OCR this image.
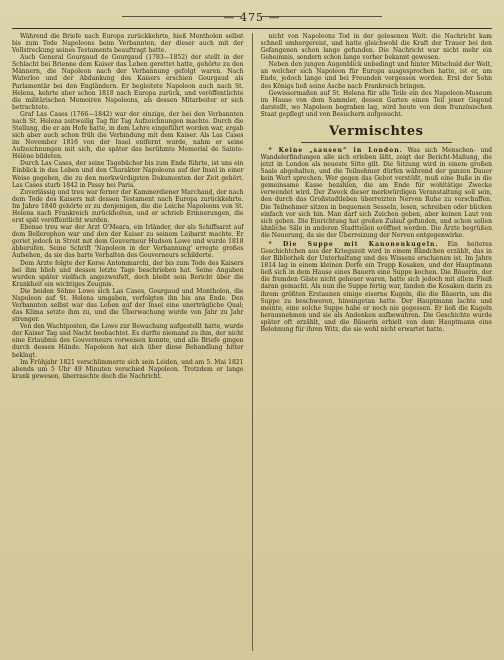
— 475 —

Während die Briefe nach Europa zurückkehrte, hieß Montholon selbst bis zum Tode Napoleons beim Verbannten, der dieser auch mit der Vollstreckung seines Testaments beauftragt hatte.

Auch General Gourgaud de Gourgaud (1783—1852) der stellt in der Schlacht bei Brienne dem Kaiser das Leben gerettet hatte, gehörte zu den Männern, die Napoleon nach der Verbannung gefolgt waren. Nach Waterloo und der Abdankung des Kaisers erschien Gourgaud als Parlamentär bei den Engländern. Er begleitete Napoleon auch nach St. Helena, kehrte aber schon 1818 nach Europa zurück, und veröffentlichte die militärischen Memoiren Napoleons, als dessen Mitarbeiter er sich betrachtete.

Graf Las Cases (1766—1842) war der einzige, der bei den Verbannten nach St. Helena zeitweilig Tag für Tag Aufzeichnungen machte. Durch die Stellung, die er am Hofe hatte, in dem Lehre eingeführt worden war, ergab sich aber auch schon früh die Verbindung mit dem Kaiser. Als Las Cases im November 1816 von der Insel entfernt wurde, nahm er seine Aufzeichnungen mit sich, die später das berühmte Memorial de Sainte-Hélène bildeten.

Durch Las Cases, der seine Tagebücher bis zum Ende führte, ist uns ein Einblick in das Leben und den Charakter Napoleons auf der Insel in einer Weise gegeben, die zu den merkwürdigsten Dokumenten der Zeit gehört. Las Cases starb 1842 in Passy bei Paris.

Zuverlässig und treu war ferner der Kammerdiener Marchand, der nach dem Tode des Kaisers mit dessen Testament nach Europa zurückkehrte. Im Jahre 1840 gehörte er zu denjenigen, die die Leiche Napoleons von St. Helena nach Frankreich zurückholten, und er schrieb Erinnerungen, die erst spät veröffentlicht wurden.

Ebenso treu war der Arzt O'Meara, ein Irländer, der als Schiffsarzt auf dem Bellerophon war und den der Kaiser zu seinem Leibarzt machte. Er geriet jedoch in Streit mit dem Gouverneur Hudson Lowe und wurde 1818 abberufen. Seine Schrift 'Napoleon in der Verbannung' erregte großes Aufsehen, da sie das harte Verhalten des Gouverneurs schilderte.

Dem Arzte folgte der Korse Antommarchi, der bis zum Tode des Kaisers bei ihm blieb und dessen letzte Tage beschrieben hat. Seine Angaben wurden später vielfach angezweifelt, doch bleibt sein Bericht über die Krankheit ein wichtiges Zeugnis.

Die beiden Söhne Lowe sich Las Cases, Gourgaud und Montholon, die Napoleon auf St. Helena umgaben, verfolgten ihn bis ans Ende. Den Verbannten selbst war das Leben auf der Insel eine unerträgliche Qual; das Klima setzte ihm zu, und die Überwachung wurde von Jahr zu Jahr strenger.

Von den Wachtposten, die Lowe zur Bewachung aufgestellt hatte, wurde der Kaiser Tag und Nacht beobachtet. Es durfte niemand zu ihm, der nicht eine Erlaubnis des Gouverneurs vorweisen konnte, und alle Briefe gingen durch dessen Hände. Napoleon hat sich über diese Behandlung bitter beklagt.

Im Frühjahr 1821 verschlimmerte sich sein Leiden, und am 5. Mai 1821 abends um 5 Uhr 49 Minuten verschied Napoleon. Trotzdem er lange krank gewesen, überraschte doch die Nachricht.

nicht von Napoleons Tod in der gelesenen Welt: die Nachricht kam schnell umhergereist, und hatte gleichwohl die Kraft der Trauer bei den Gefangenen schon lange gefunden. Die Nachricht war nicht mehr ein Geheimnis, sondern schon lange vorher bekannt gewesen.

Neben den jungen Augenblick unbedingt und hinter Mitschuld der Welt, an welcher sich Napoleon für Europa ausgesprochen hatte, ist er, am Ende, jedoch lange und bei Freunden vergessen worden. Erst der Sohn des Königs ließ seine Asche nach Frankreich bringen.

Gewissermaßen auf St. Helena für alle Teile ein des Napoleon-Museum im Hause von dem Sammler, dessen Garten einen Teil jener Gegend darstellt, wo Napoleon begraben lag, wird heute von dem französischen Staat gepflegt und von Besuchern aufgesucht.

Vermischtes

* Keine „sausen“ in London. Was sich Menschen- und Wandelerfindungen alle sich erleben läßt, zeigt der Bericht-Maßung, die jetzt in London als neueste Sitte gilt. Die Sitzung wird in einem großen Saale abgehalten, und die Teilnehmer dürfen während der ganzen Dauer kein Wort sprechen. Wer gegen das Gebot verstößt, muß eine Buße in die gemeinsame Kasse bezahlen, die am Ende für wohltätige Zwecke verwendet wird. Der Zweck dieser merkwürdigen Veranstaltung soll sein, den durch das Großstadtleben überreizten Nerven Ruhe zu verschaffen. Die Teilnehmer sitzen in bequemen Sesseln, lesen, schreiben oder blicken einfach vor sich hin. Man darf sich Zeichen geben, aber keinen Laut von sich geben. Die Einrichtung hat großen Zulauf gefunden, und schon sollen ähnliche Säle in anderen Stadtteilen eröffnet werden. Die Ärzte begrüßen die Neuerung, da sie der Überreizung der Nerven entgegenwirke.

* Die Suppe mit Kanonenkugeln. Ein heiteres Geschichtchen aus der Kriegszeit wird in einem Bändchen erzählt, das in der Bibliothek der Unterhaltung und des Wissens erschienen ist. Im Jahre 1814 lag in einem kleinen Dorfe ein Trupp Kosaken, und der Hauptmann ließ sich in dem Hause eines Bauern eine Suppe kochen. Die Bäuerin, der die fremden Gäste nicht geheuer waren, hatte sich jedoch mit allem Fleiß daran gemacht. Als nun die Suppe fertig war, fanden die Kosaken darin zu ihrem größten Erstaunen einige eiserne Kugeln, die die Bäuerin, um die Suppe zu beschweren, hineingetan hatte. Der Hauptmann lachte und meinte, eine solche Suppe habe er noch nie gegessen. Er ließ die Kugeln herausnehmen und sie als Andenken aufbewahren. Die Geschichte wurde später oft erzählt, und die Bäuerin erhielt von dem Hauptmann eine Belohnung für ihren Witz, die sie wohl nicht erwartet hatte.
